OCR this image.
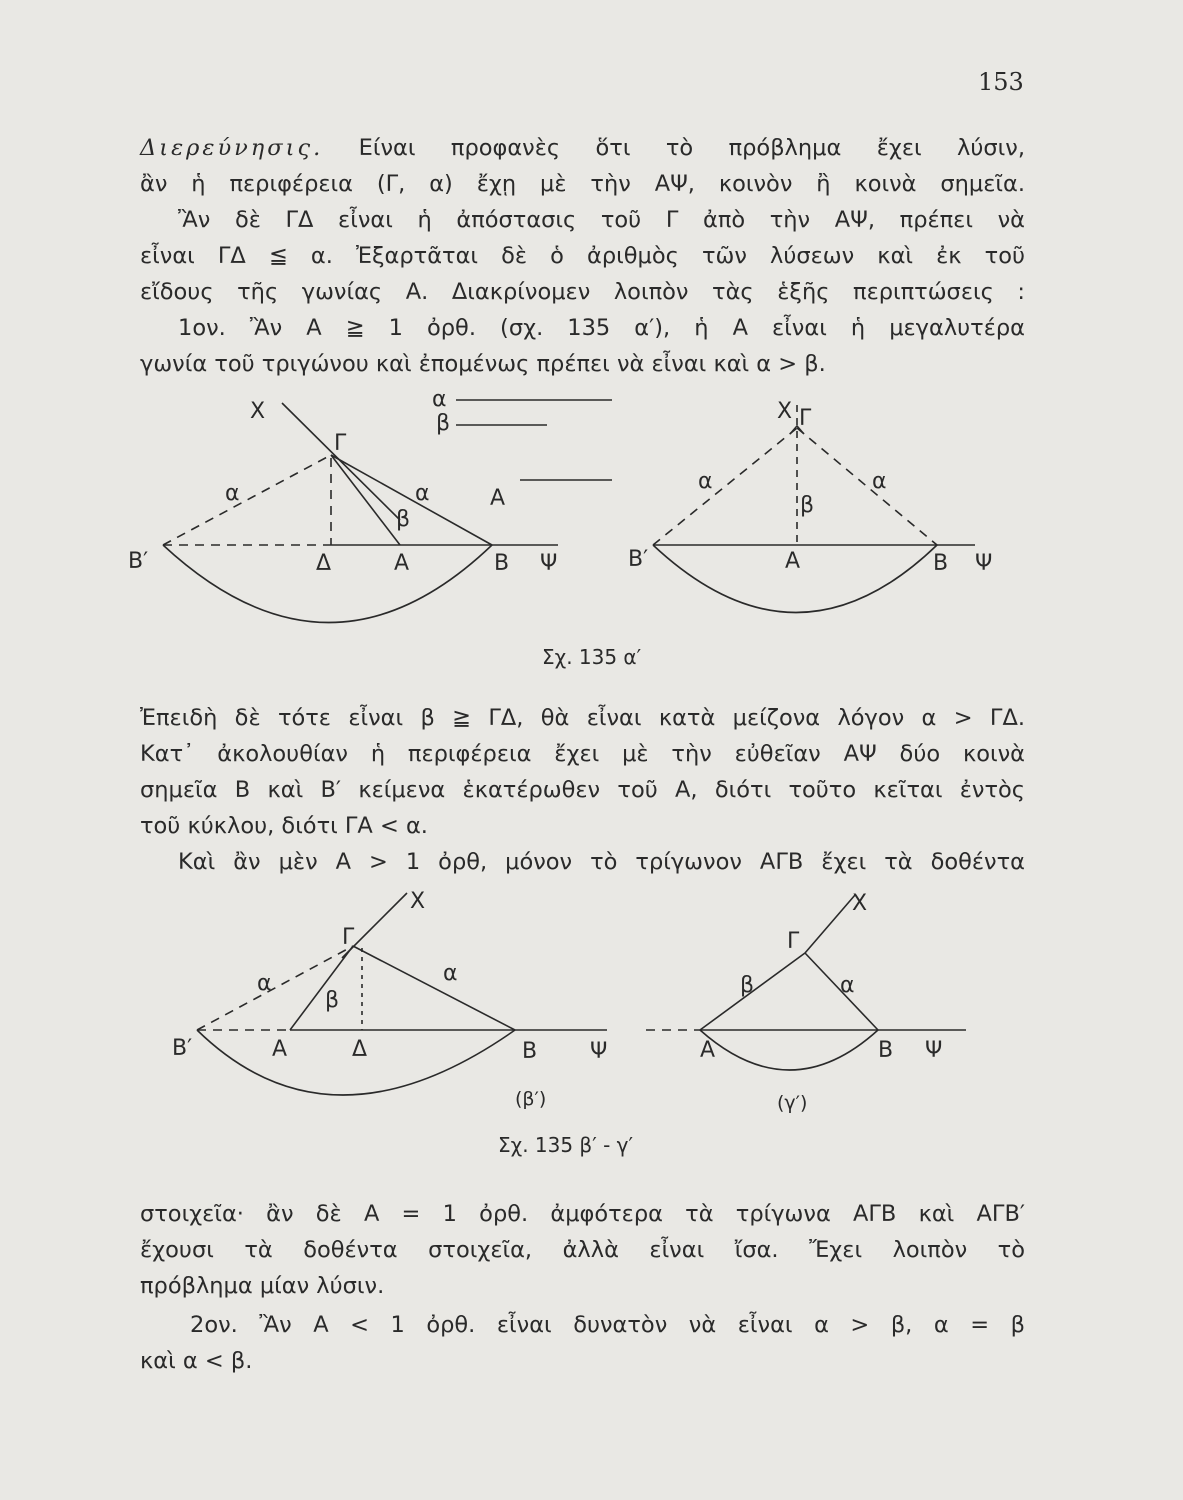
153
Διερεύνησις. Είναι προφανὲς ὅτι τὸ πρόβλημα ἔχει λύσιν,
ἂν ἡ περιφέρεια (Γ, α) ἔχῃ μὲ τὴν ΑΨ, κοινὸν ἢ κοινὰ σημεῖα.
Ἂν δὲ ΓΔ εἶναι ἡ ἀπόστασις τοῦ Γ ἀπὸ τὴν ΑΨ, πρέπει νὰ
εἶναι ΓΔ ≦ α. Ἐξαρτᾶται δὲ ὁ ἀριθμὸς τῶν λύσεων καὶ ἐκ τοῦ
εἴδους τῆς γωνίας Α. Διακρίνομεν λοιπὸν τὰς ἑξῆς περιπτώσεις :
1ον. Ἂν Α ≧ 1 ὀρθ. (σχ. 135 α′), ἡ Α εἶναι ἡ μεγαλυτέρα
γωνία τοῦ τριγώνου καὶ ἐπομένως πρέπει νὰ εἶναι καὶ α > β.
X
Γ
α	α
β
Α
Β′	Δ	Α	Β Ψ
α
β	X Γ
α	α
β
Β′	Α	Β Ψ
Σχ. 135 α′
Ἐπειδὴ δὲ τότε εἶναι β ≧ ΓΔ, θὰ εἶναι κατὰ μείζονα λόγον α > ΓΔ.
Κατ᾽ ἀκολουθίαν ἡ περιφέρεια ἔχει μὲ τὴν εὐθεῖαν ΑΨ δύο κοινὰ
σημεῖα Β καὶ Β′ κείμενα ἑκατέρωθεν τοῦ Α, διότι τοῦτο κεῖται ἐντὸς
τοῦ κύκλου, διότι ΓΑ < α.
Καὶ ἂν μὲν Α > 1 ὀρθ, μόνον τὸ τρίγωνον ΑΓΒ ἔχει τὰ δοθέντα
X
Γ
α	α
β
Β′	Α	Δ	Β Ψ
X
Γ
β	α
Α	Β Ψ
(β′)	(γ′)
Σχ. 135 β′ - γ′
στοιχεῖα· ἂν δὲ Α = 1 ὀρθ. ἀμφότερα τὰ τρίγωνα ΑΓΒ καὶ ΑΓΒ′
ἔχουσι τὰ δοθέντα στοιχεῖα, ἀλλὰ εἶναι ἴσα. Ἔχει λοιπὸν τὸ
πρόβλημα μίαν λύσιν.
2ον. Ἂν Α < 1 ὀρθ. εἶναι δυνατὸν νὰ εἶναι α > β, α = β
καὶ α < β.
